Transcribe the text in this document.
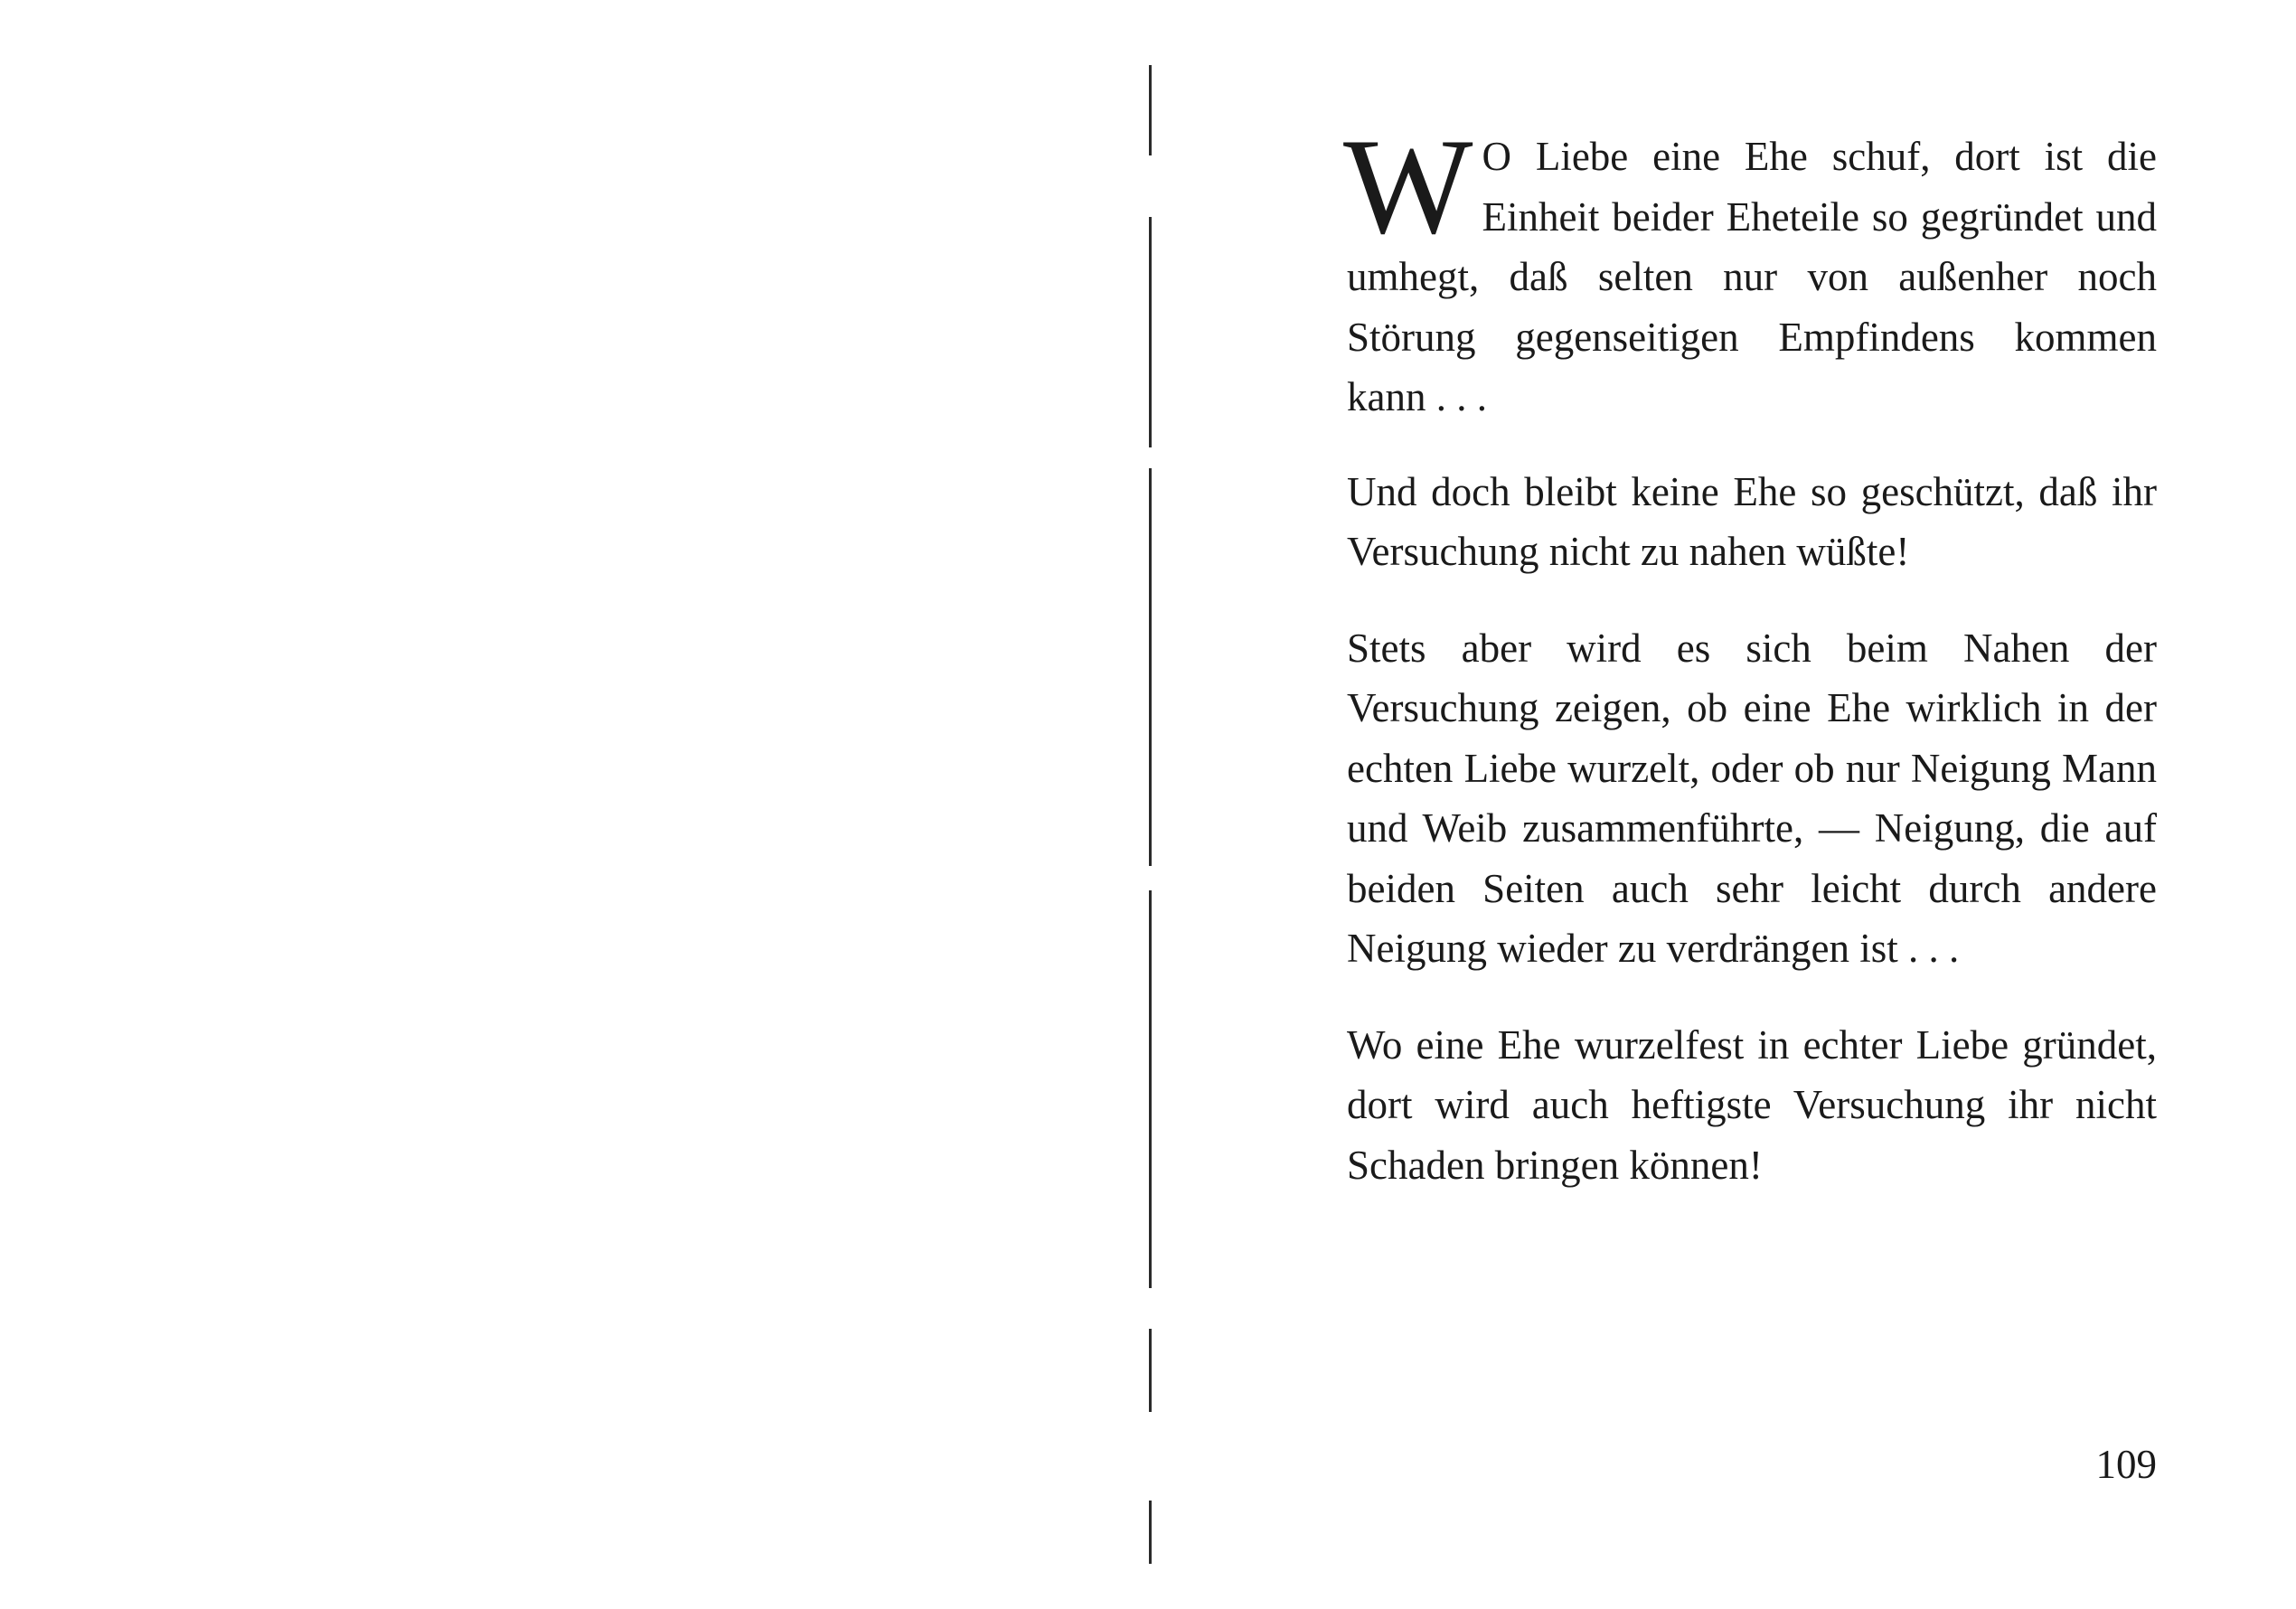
WO Liebe eine Ehe schuf, dort ist die Einheit beider Eheteile so gegründet und umhegt, daß selten nur von außenher noch Störung gegenseitigen Empfindens kommen kann . . .

Und doch bleibt keine Ehe so geschützt, daß ihr Versuchung nicht zu nahen wüßte!

Stets aber wird es sich beim Nahen der Versuchung zeigen, ob eine Ehe wirklich in der echten Liebe wurzelt, oder ob nur Neigung Mann und Weib zusammenführte, — Neigung, die auf beiden Seiten auch sehr leicht durch andere Neigung wieder zu verdrängen ist . . .

Wo eine Ehe wurzelfest in echter Liebe gründet, dort wird auch heftigste Versuchung ihr nicht Schaden bringen können!

109
